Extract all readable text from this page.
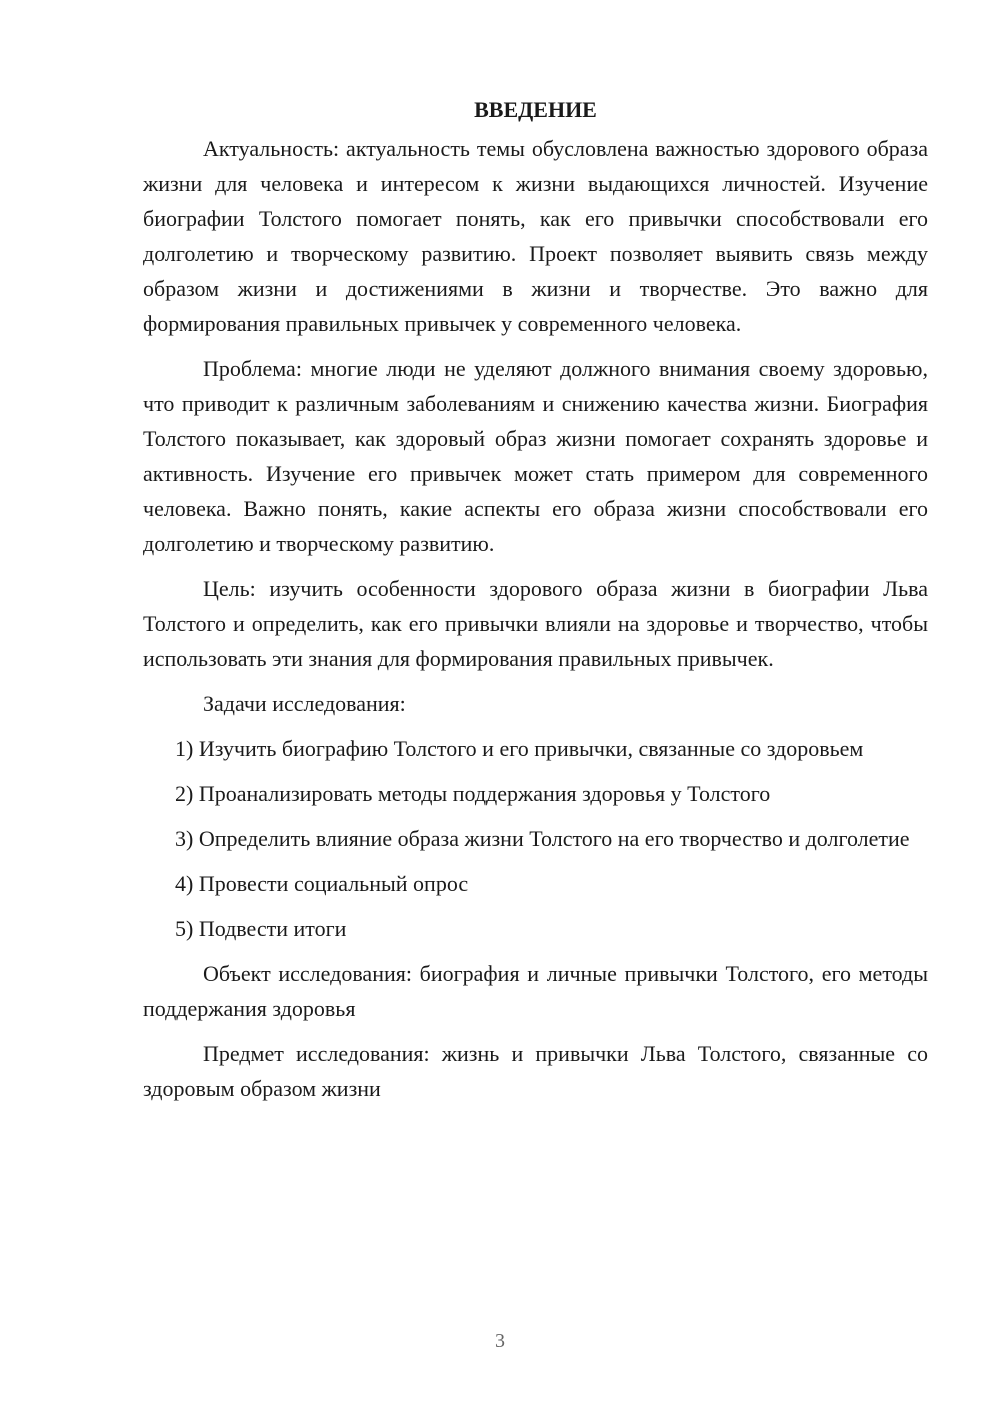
ВВЕДЕНИЕ

Актуальность: актуальность темы обусловлена важностью здорового образа жизни для человека и интересом к жизни выдающихся личностей. Изучение биографии Толстого помогает понять, как его привычки способствовали его долголетию и творческому развитию. Проект позволяет выявить связь между образом жизни и достижениями в жизни и творчестве. Это важно для формирования правильных привычек у современного человека.

Проблема: многие люди не уделяют должного внимания своему здоровью, что приводит к различным заболеваниям и снижению качества жизни. Биография Толстого показывает, как здоровый образ жизни помогает сохранять здоровье и активность. Изучение его привычек может стать примером для современного человека. Важно понять, какие аспекты его образа жизни способствовали его долголетию и творческому развитию.

Цель: изучить особенности здорового образа жизни в биографии Льва Толстого и определить, как его привычки влияли на здоровье и творчество, чтобы использовать эти знания для формирования правильных привычек.

Задачи исследования:

1) Изучить биографию Толстого и его привычки, связанные со здоровьем

2) Проанализировать методы поддержания здоровья у Толстого

3) Определить влияние образа жизни Толстого на его творчество и долголетие

4) Провести социальный опрос

5) Подвести итоги

Объект исследования: биография и личные привычки Толстого, его методы поддержания здоровья

Предмет исследования: жизнь и привычки Льва Толстого, связанные со здоровым образом жизни

3
